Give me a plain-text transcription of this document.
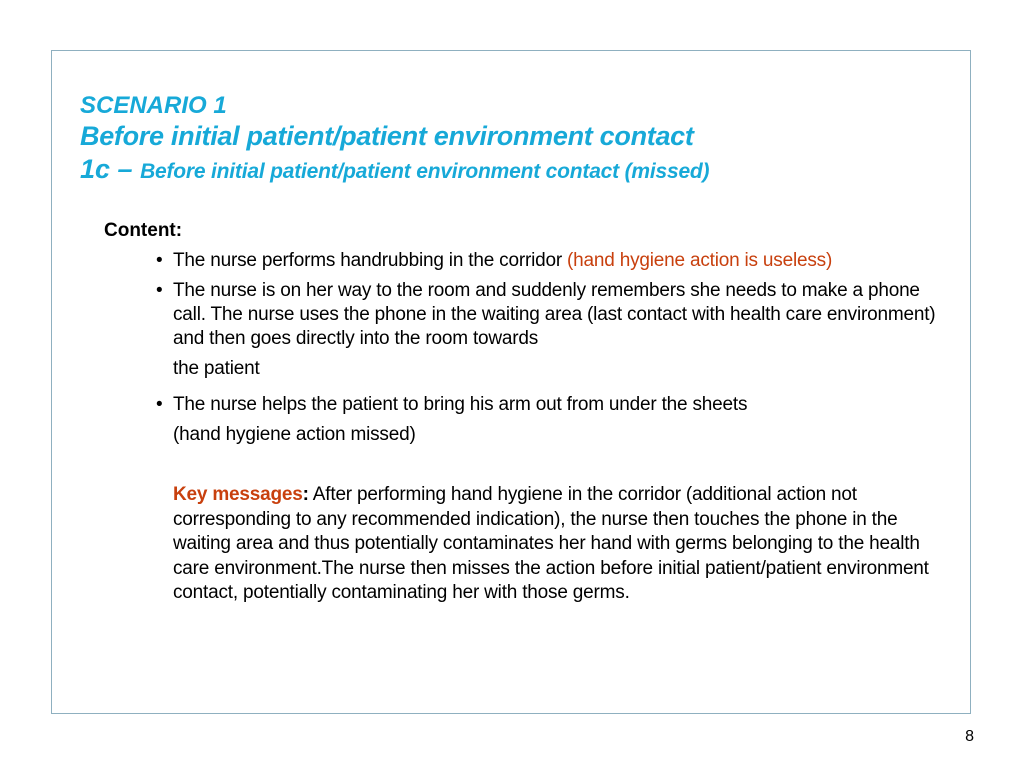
SCENARIO 1
Before initial patient/patient environment contact
1c – Before initial patient/patient environment contact (missed)
Content:
• The nurse performs handrubbing in the corridor (hand hygiene action is useless)
• The nurse is on her way to the room and suddenly remembers she needs to make a phone call. The nurse uses the phone in the waiting area (last contact with health care environment) and then goes directly into the room towards
the patient
• The nurse helps the patient to bring his arm out from under the sheets
(hand hygiene action missed)
Key messages: After performing hand hygiene in the corridor (additional action not corresponding to any recommended indication), the nurse then touches the phone in the waiting area and thus potentially contaminates her hand with germs belonging to the health care environment.The nurse then misses the action before initial patient/patient environment contact, potentially contaminating her with those germs.
8
